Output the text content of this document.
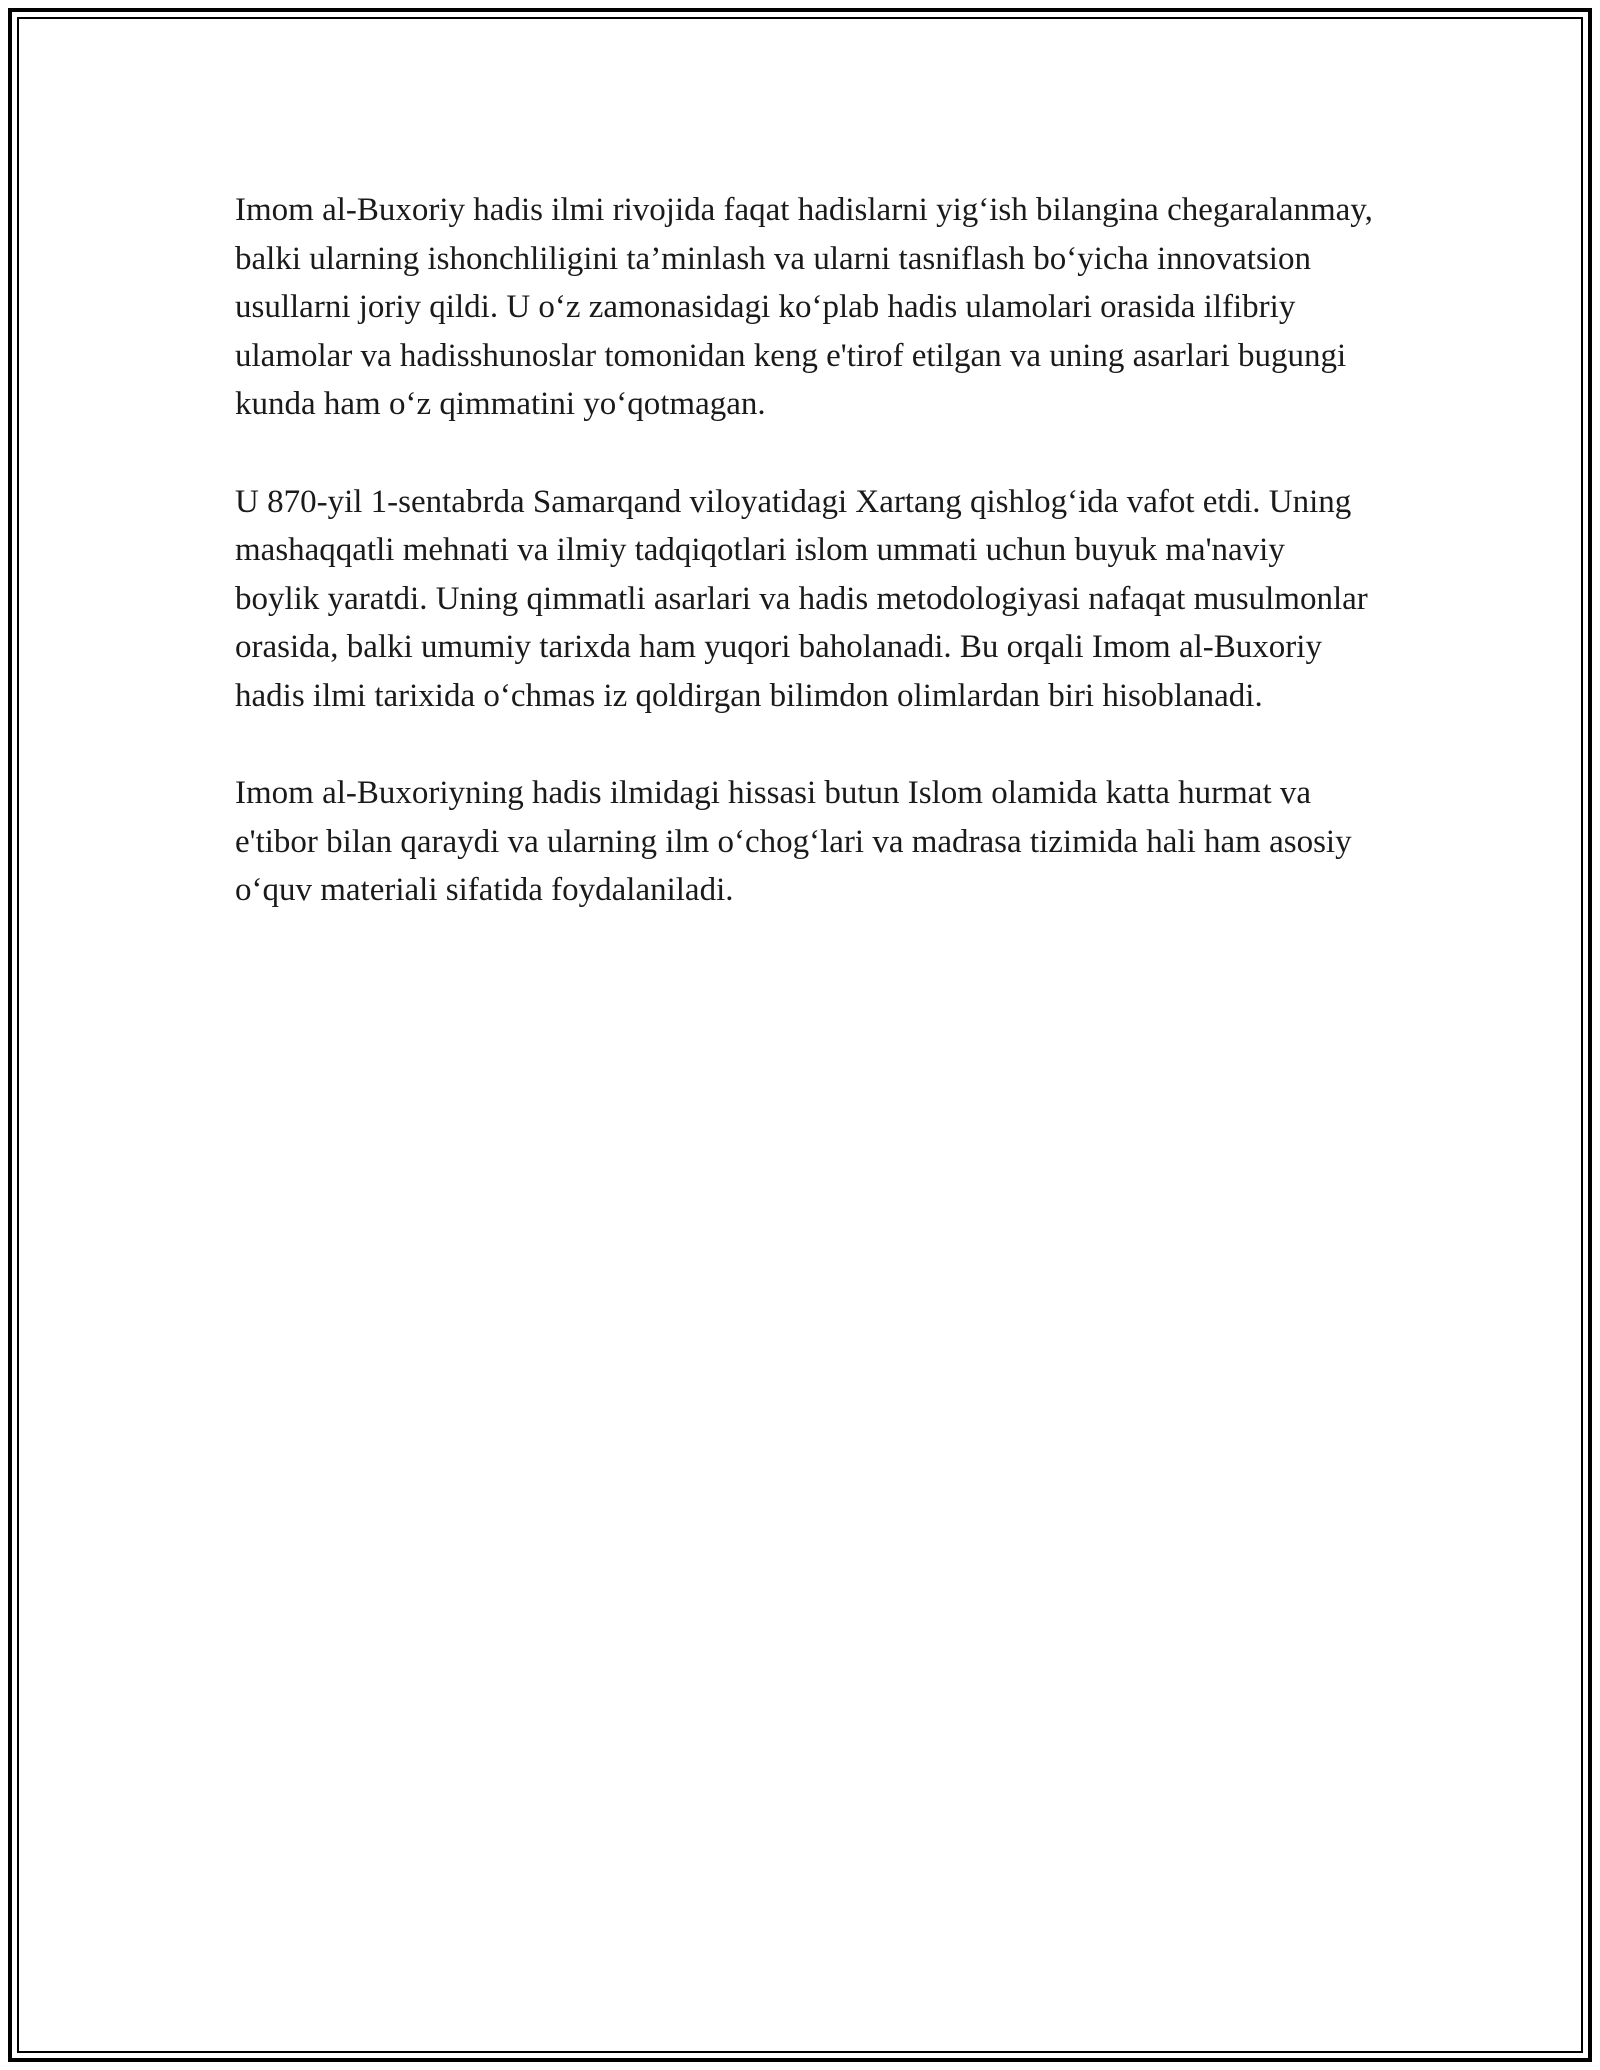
Imom al-Buxoriy hadis ilmi rivojida faqat hadislarni yig‘ish bilangina chegaralanmay, balki ularning ishonchliligini ta’minlash va ularni tasniflash bo‘yicha innovatsion usullarni joriy qildi. U o‘z zamonasidagi ko‘plab hadis ulamolari orasida ilfibriy ulamolar va hadisshunoslar tomonidan keng e'tirof etilgan va uning asarlari bugungi kunda ham o‘z qimmatini yo‘qotmagan.

U 870-yil 1-sentabrda Samarqand viloyatidagi Xartang qishlog‘ida vafot etdi. Uning mashaqqatli mehnati va ilmiy tadqiqotlari islom ummati uchun buyuk ma'naviy boylik yaratdi. Uning qimmatli asarlari va hadis metodologiyasi nafaqat musulmonlar orasida, balki umumiy tarixda ham yuqori baholanadi. Bu orqali Imom al-Buxoriy hadis ilmi tarixida o‘chmas iz qoldirgan bilimdon olimlardan biri hisoblanadi.

Imom al-Buxoriyning hadis ilmidagi hissasi butun Islom olamida katta hurmat va e'tibor bilan qaraydi va ularning ilm o‘chog‘lari va madrasa tizimida hali ham asosiy o‘quv materiali sifatida foydalaniladi.
